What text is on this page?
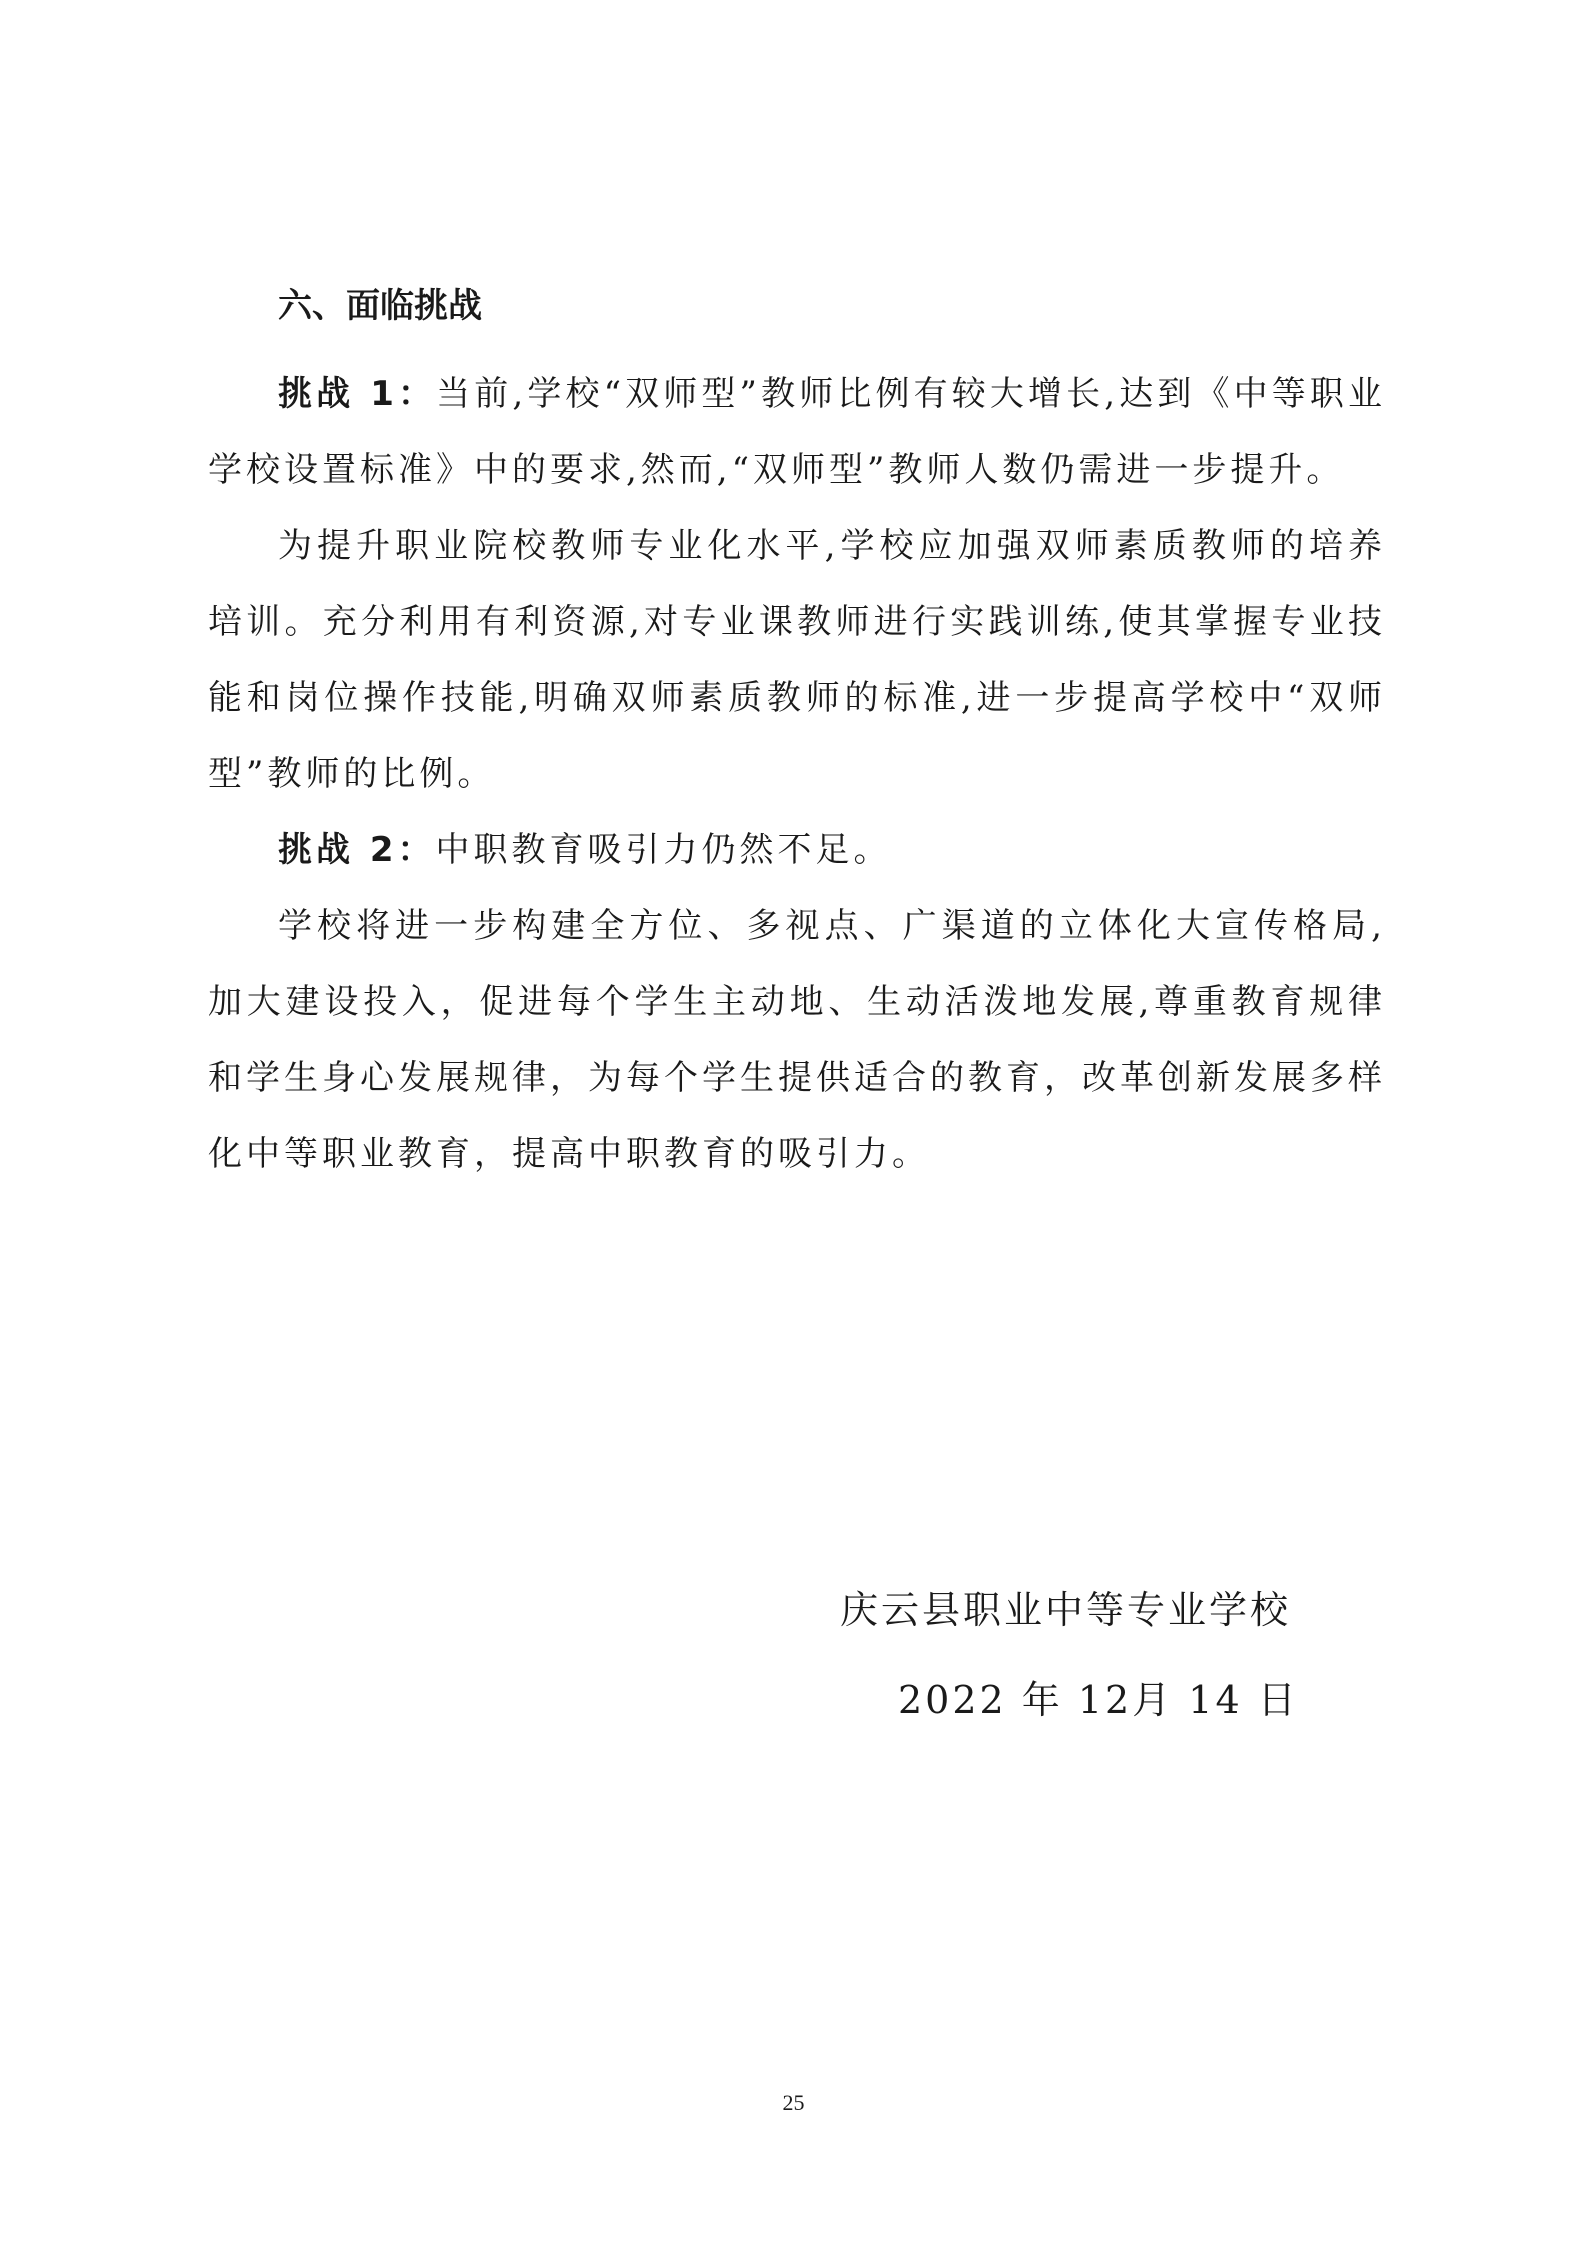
六、面临挑战

挑战 1：当前,学校“双师型”教师比例有较大增长,达到《中等职业学校设置标准》中的要求,然而,“双师型”教师人数仍需进一步提升。

为提升职业院校教师专业化水平,学校应加强双师素质教师的培养培训。充分利用有利资源,对专业课教师进行实践训练,使其掌握专业技能和岗位操作技能,明确双师素质教师的标准,进一步提高学校中“双师型”教师的比例。

挑战 2：中职教育吸引力仍然不足。

学校将进一步构建全方位、多视点、广渠道的立体化大宣传格局,加大建设投入，促进每个学生主动地、生动活泼地发展,尊重教育规律和学生身心发展规律，为每个学生提供适合的教育，改革创新发展多样化中等职业教育，提高中职教育的吸引力。

庆云县职业中等专业学校
2022 年 12月 14 日
25
